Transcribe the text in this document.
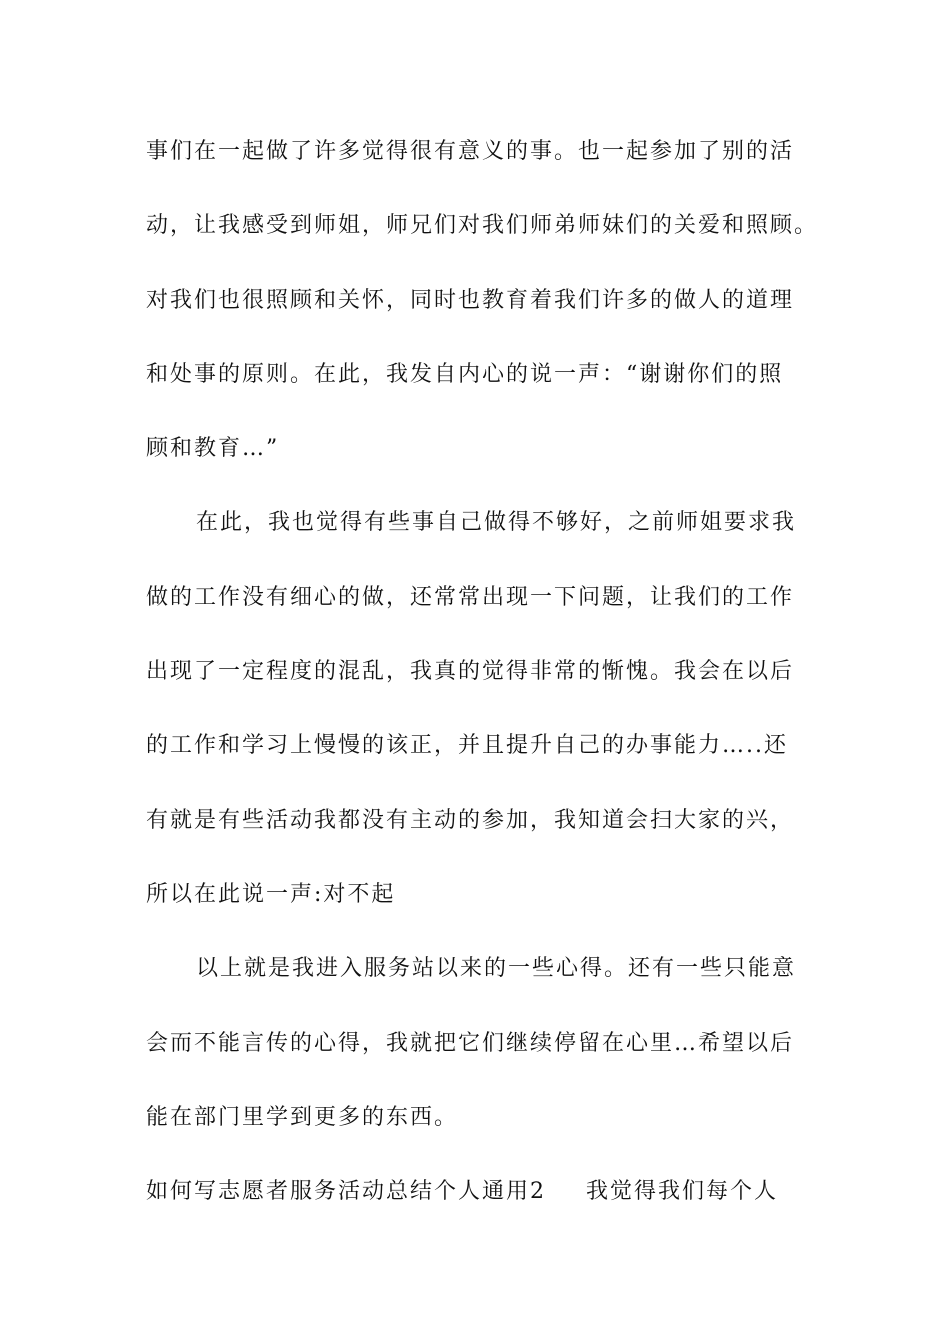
事们在一起做了许多觉得很有意义的事。也一起参加了别的活
动，让我感受到师姐，师兄们对我们师弟师妹们的关爱和照顾。
对我们也很照顾和关怀，同时也教育着我们许多的做人的道理
和处事的原则。在此，我发自内心的说一声：“谢谢你们的照
顾和教育…”
在此，我也觉得有些事自己做得不够好，之前师姐要求我
做的工作没有细心的做，还常常出现一下问题，让我们的工作
出现了一定程度的混乱，我真的觉得非常的惭愧。我会在以后
的工作和学习上慢慢的该正，并且提升自己的办事能力…..还
有就是有些活动我都没有主动的参加，我知道会扫大家的兴，
所以在此说一声:对不起
以上就是我进入服务站以来的一些心得。还有一些只能意
会而不能言传的心得，我就把它们继续停留在心里…希望以后
能在部门里学到更多的东西。
如何写志愿者服务活动总结个人通用2 我觉得我们每个人
